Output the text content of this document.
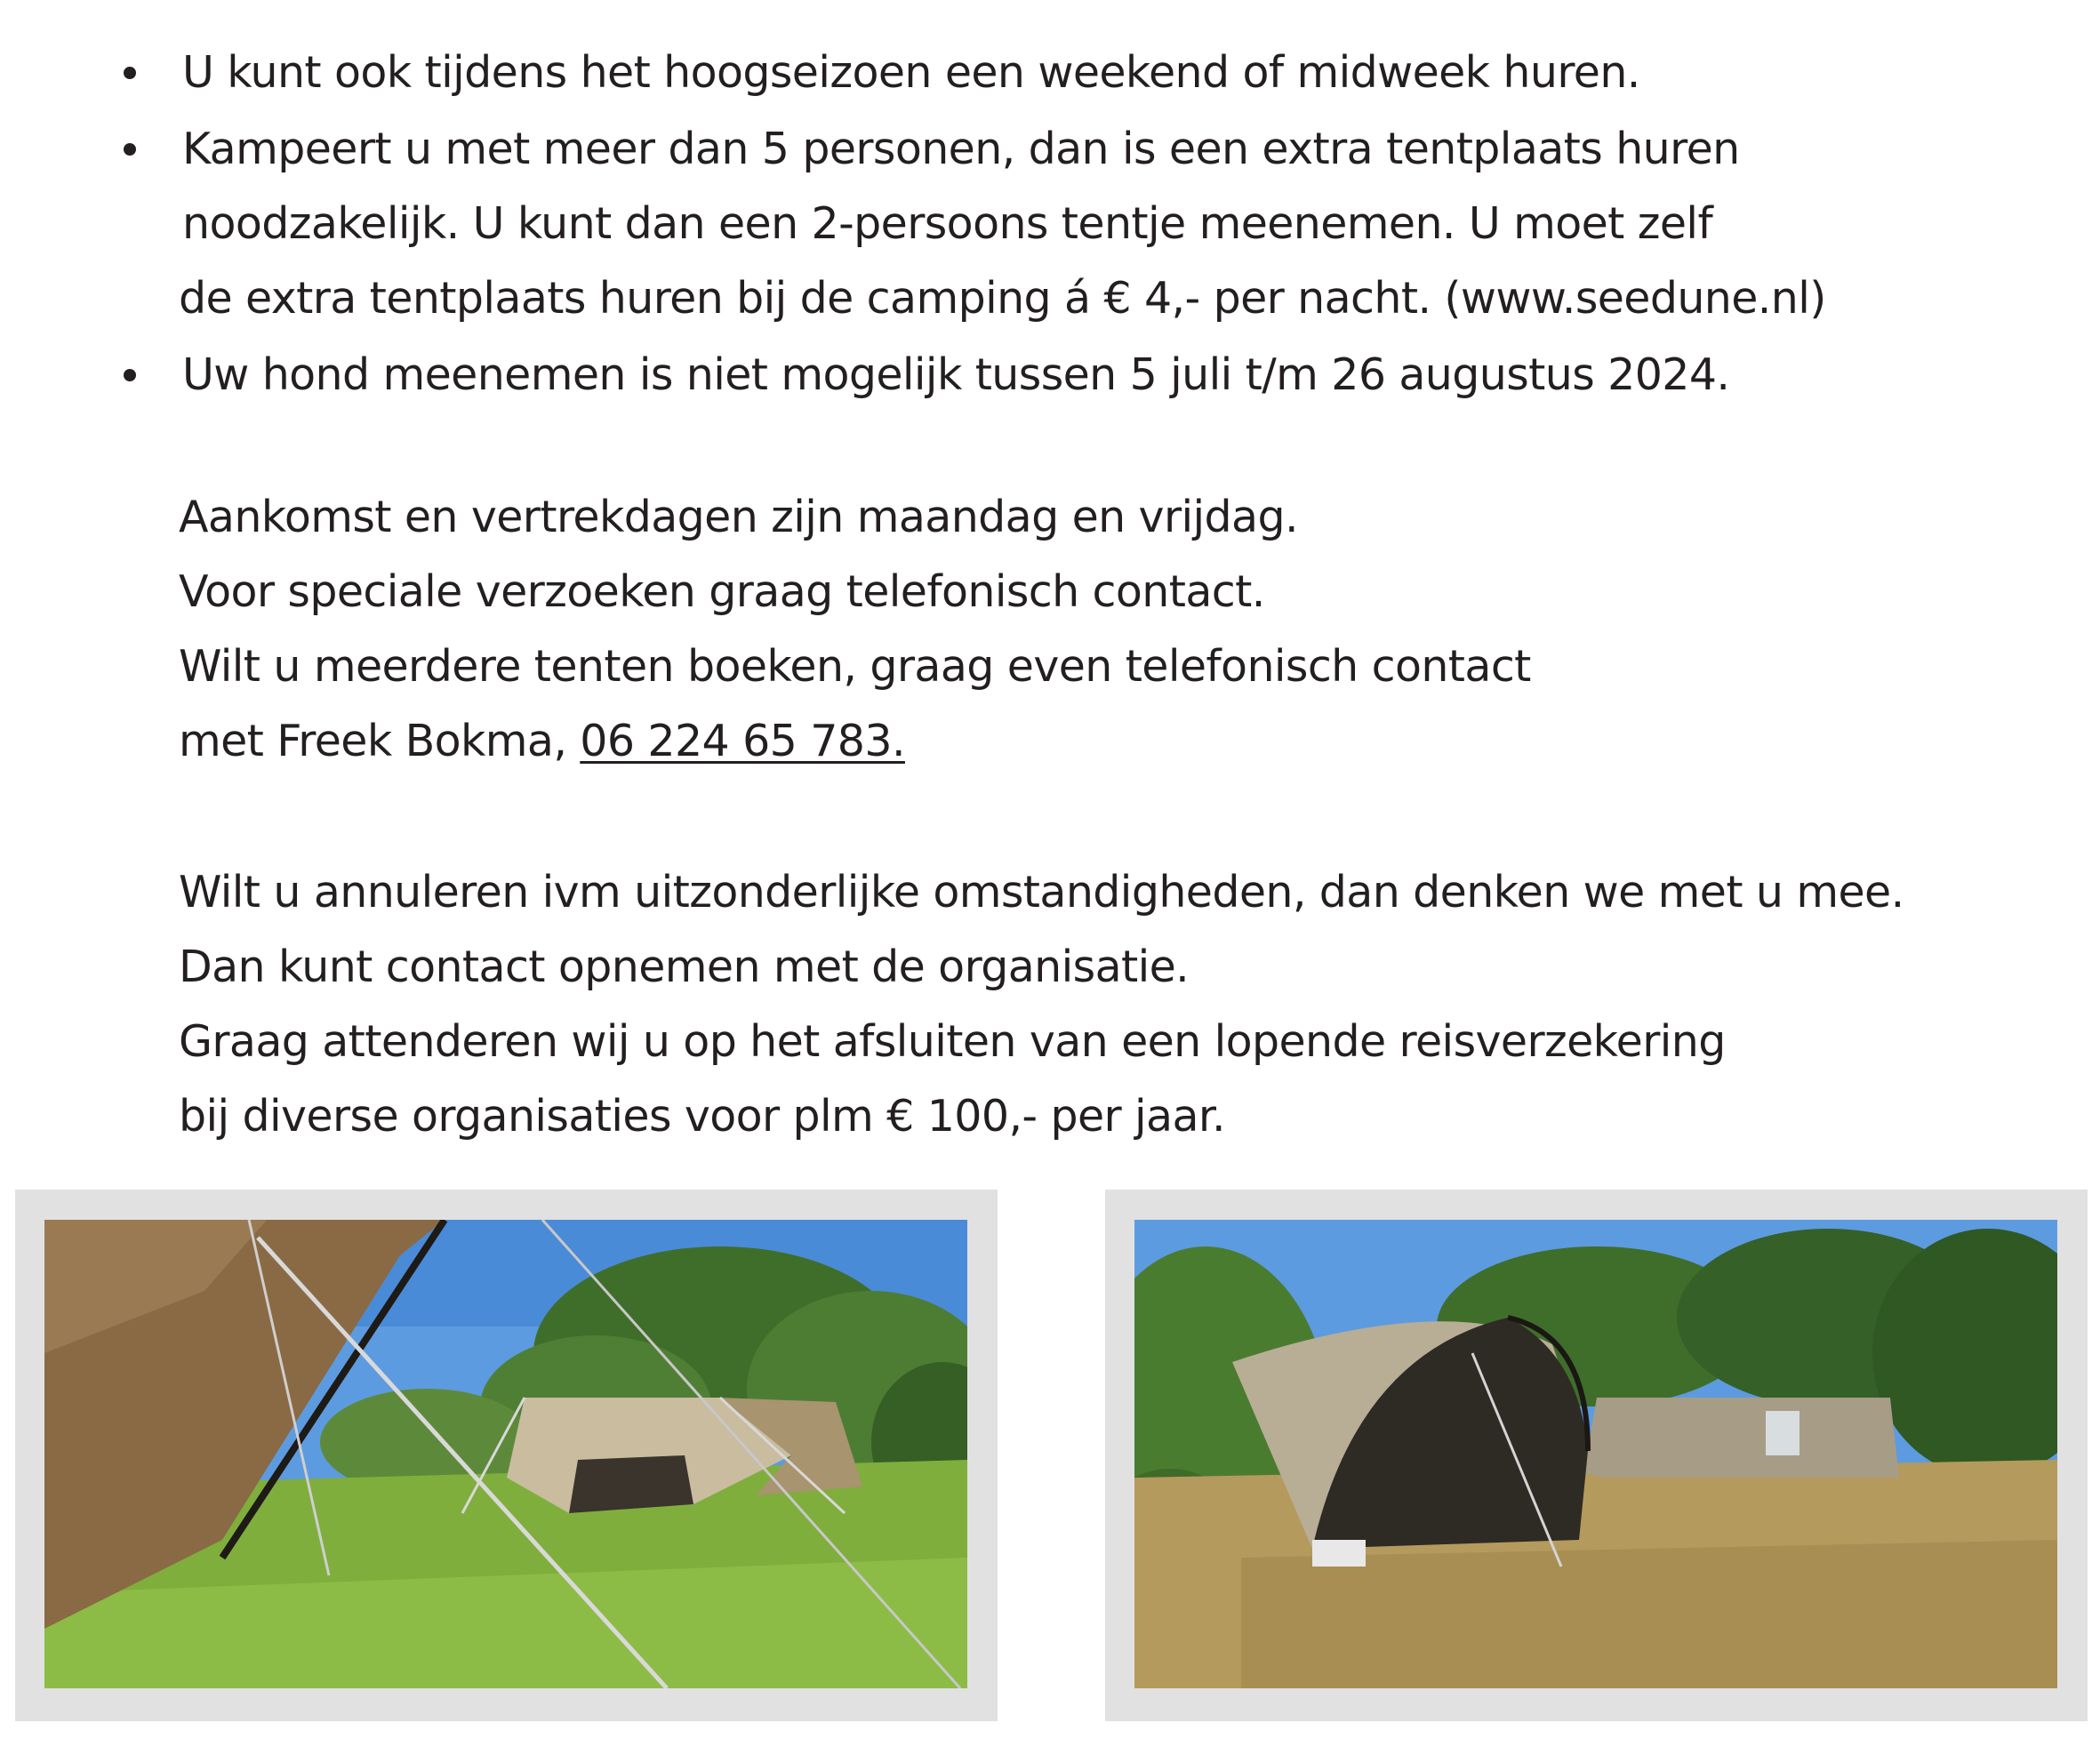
U kunt ook tijdens het hoogseizoen een weekend of midweek huren.
Kampeert u met meer dan 5 personen, dan is een extra tentplaats huren
noodzakelijk. U kunt dan een 2-persoons tentje meenemen. U moet zelf
de extra tentplaats huren bij de camping á € 4,- per nacht. (www.seedune.nl)
Uw hond meenemen is niet mogelijk tussen 5 juli t/m 26 augustus 2024.
Aankomst en vertrekdagen zijn maandag en vrijdag.
Voor speciale verzoeken graag telefonisch contact.
Wilt u meerdere tenten boeken, graag even telefonisch contact
met Freek Bokma, 06 224 65 783.
Wilt u annuleren ivm uitzonderlijke omstandigheden, dan denken we met u mee.
Dan kunt contact opnemen met de organisatie.
Graag attenderen wij u op het afsluiten van een lopende reisverzekering
bij diverse organisaties voor plm € 100,- per jaar.
